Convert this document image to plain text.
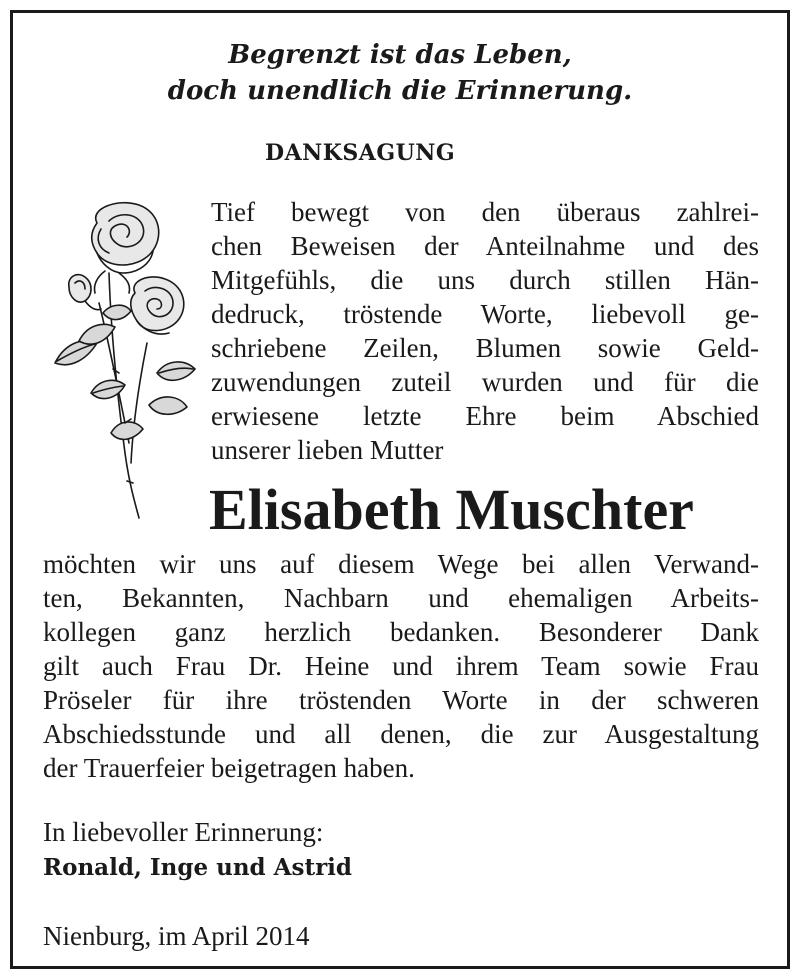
Begrenzt ist das Leben,
doch unendlich die Erinnerung.
DANKSAGUNG
Tief bewegt von den überaus zahlrei-
chen Beweisen der Anteilnahme und des
Mitgefühls, die uns durch stillen Hän-
dedruck, tröstende Worte, liebevoll ge-
schriebene Zeilen, Blumen sowie Geld-
zuwendungen zuteil wurden und für die
erwiesene letzte Ehre beim Abschied
unserer lieben Mutter
Elisabeth Muschter
möchten wir uns auf diesem Wege bei allen Verwand-
ten, Bekannten, Nachbarn und ehemaligen Arbeits-
kollegen ganz herzlich bedanken. Besonderer Dank
gilt auch Frau Dr. Heine und ihrem Team sowie Frau
Pröseler für ihre tröstenden Worte in der schweren
Abschiedsstunde und all denen, die zur Ausgestaltung
der Trauerfeier beigetragen haben.
In liebevoller Erinnerung:
Ronald, Inge und Astrid
Nienburg, im April 2014
